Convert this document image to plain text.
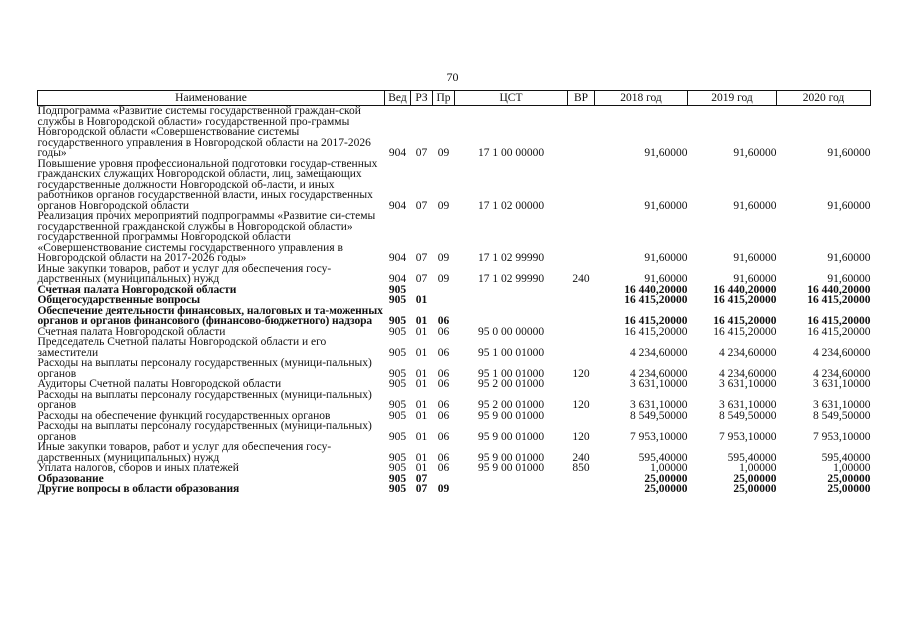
70
Наименование	Вед	РЗ	Пр	ЦСТ	ВР	2018 год	2019 год	2020 год
Подпрограмма «Развитие системы государственной граждан-ской службы в Новгородской области» государственной про-граммы Новгородской области «Совершенствование системы государственного управления в Новгородской области на 2017-2026 годы»	904	07	09	17 1 00 00000		91,60000	91,60000	91,60000
Повышение уровня профессиональной подготовки государ-ственных гражданских служащих Новгородской области, лиц, замещающих государственные должности Новгородской об-ласти, и иных работников органов государственной власти, иных государственных органов Новгородской области	904	07	09	17 1 02 00000		91,60000	91,60000	91,60000
Реализация прочих мероприятий подпрограммы «Развитие си-стемы государственной гражданской службы в Новгородской области» государственной программы Новгородской области «Совершенствование системы государственного управления в Новгородской области на 2017-2026 годы»	904	07	09	17 1 02 99990		91,60000	91,60000	91,60000
Иные закупки товаров, работ и услуг для обеспечения госу-дарственных (муниципальных) нужд	904	07	09	17 1 02 99990	240	91,60000	91,60000	91,60000
Счетная палата Новгородской области	905					16 440,20000	16 440,20000	16 440,20000
Общегосударственные вопросы	905	01				16 415,20000	16 415,20000	16 415,20000
Обеспечение деятельности финансовых, налоговых и та-моженных органов и органов финансового (финансово-бюджетного) надзора	905	01	06			16 415,20000	16 415,20000	16 415,20000
Счетная палата Новгородской области	905	01	06	95 0 00 00000		16 415,20000	16 415,20000	16 415,20000
Председатель Счетной палаты Новгородской области и его заместители	905	01	06	95 1 00 01000		4 234,60000	4 234,60000	4 234,60000
Расходы на выплаты персоналу государственных (муници-пальных) органов	905	01	06	95 1 00 01000	120	4 234,60000	4 234,60000	4 234,60000
Аудиторы Счетной палаты Новгородской области	905	01	06	95 2 00 01000		3 631,10000	3 631,10000	3 631,10000
Расходы на выплаты персоналу государственных (муници-пальных) органов	905	01	06	95 2 00 01000	120	3 631,10000	3 631,10000	3 631,10000
Расходы на обеспечение функций государственных органов	905	01	06	95 9 00 01000		8 549,50000	8 549,50000	8 549,50000
Расходы на выплаты персоналу государственных (муници-пальных) органов	905	01	06	95 9 00 01000	120	7 953,10000	7 953,10000	7 953,10000
Иные закупки товаров, работ и услуг для обеспечения госу-дарственных (муниципальных) нужд	905	01	06	95 9 00 01000	240	595,40000	595,40000	595,40000
Уплата налогов, сборов и иных платежей	905	01	06	95 9 00 01000	850	1,00000	1,00000	1,00000
Образование	905	07				25,00000	25,00000	25,00000
Другие вопросы в области образования	905	07	09			25,00000	25,00000	25,00000
